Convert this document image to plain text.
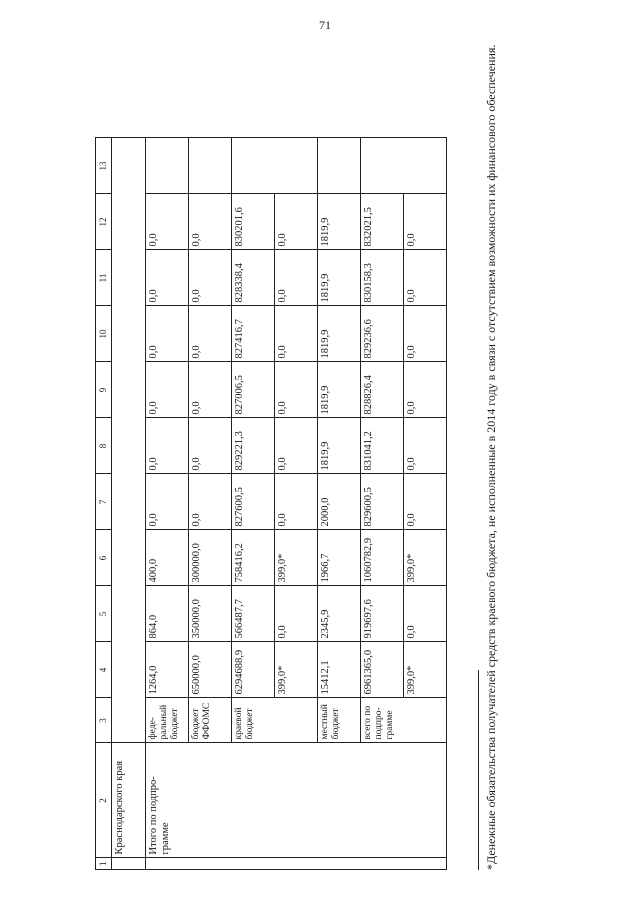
71
1	2	3	4	5	6	7	8	9	10	11	12	13
	Краснодарского края											
	Итого по подпро-грамме	феде-ральный бюджет	1264,0	864,0	400,0	0,0	0,0	0,0	0,0	0,0	0,0	
		бюджет ФФОМС	650000,0	350000,0	300000,0	0,0	0,0	0,0	0,0	0,0	0,0	
		краевой бюджет	6294688,9	566487,7	758416,2	827600,5	829221,3	827006,5	827416,7	828338,4	830201,6	
			399,0*	0,0	399,0*	0,0	0,0	0,0	0,0	0,0	0,0	
		местный бюджет	15412,1	2345,9	1966,7	2000,0	1819,9	1819,9	1819,9	1819,9	1819,9	
		всего по подпро-грамме	6961365,0	919697,6	1060782,9	829600,5	831041,2	828826,4	829236,6	830158,3	832021,5	
			399,0*	0,0	399,0*	0,0	0,0	0,0	0,0	0,0	0,0		*Денежные обязательства получателей средств краевого бюджета, не исполненные в 2014 году в связи с отсутствием возможности их финансового обеспечения.
